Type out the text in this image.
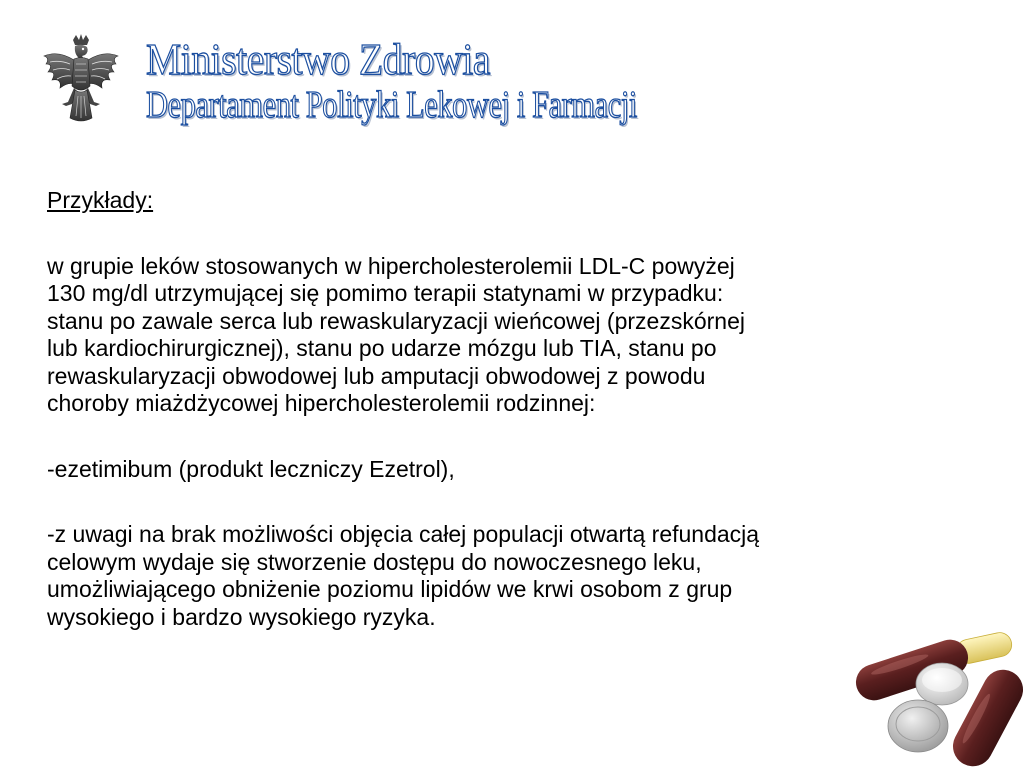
Ministerstwo Zdrowia
Departament Polityki Lekowej i Farmacji

Przykłady:

w grupie leków stosowanych w hipercholesterolemii LDL-C powyżej

130 mg/dl utrzymującej się pomimo terapii statynami w przypadku:

stanu po zawale serca lub rewaskularyzacji wieńcowej (przezskórnej

lub kardiochirurgicznej), stanu po udarze mózgu lub TIA, stanu po

rewaskularyzacji obwodowej lub amputacji obwodowej z powodu

choroby miażdżycowej hipercholesterolemii rodzinnej:

-ezetimibum (produkt leczniczy Ezetrol),

-z uwagi na brak możliwości objęcia całej populacji otwartą refundacją

celowym wydaje się stworzenie dostępu do nowoczesnego leku,

umożliwiającego obniżenie poziomu lipidów we krwi osobom z grup

wysokiego i bardzo wysokiego ryzyka.
